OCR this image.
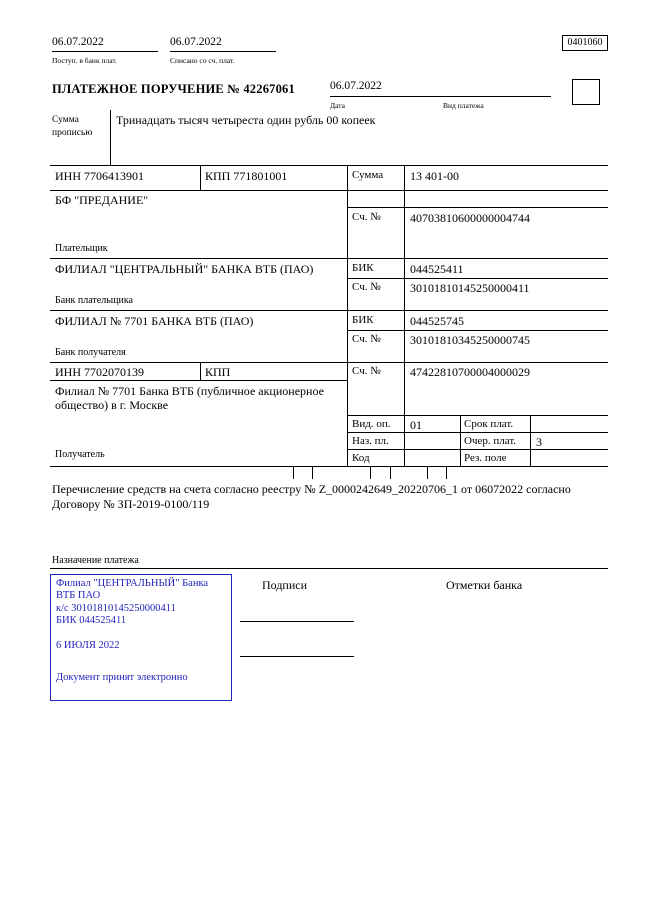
06.07.2022
Поступ. в банк плат.
06.07.2022
Списано со сч. плат.
0401060
ПЛАТЕЖНОЕ ПОРУЧЕНИЕ № 42267061	06.07.2022
Дата	Вид платежа
Сумма прописью
Тринадцать тысяч четыреста один рубль 00 копеек
ИНН 7706413901	КПП 771801001	Сумма 13 401-00
БФ "ПРЕДАНИЕ"
Сч. № 40703810600000004744
Плательщик
ФИЛИАЛ "ЦЕНТРАЛЬНЫЙ" БАНКА ВТБ (ПАО)	БИК	044525411
Сч. № 30101810145250000411
Банк плательщика
ФИЛИАЛ № 7701 БАНКА ВТБ (ПАО)	БИК	044525745
Сч. № 30101810345250000745
Банк получателя
ИНН 7702070139	КПП	Сч. № 47422810700004000029
Филиал № 7701 Банка ВТБ (публичное акционерное общество) в г. Москве
Получатель
Вид. оп. 01	Срок плат.
Наз. пл.	Очер. плат. 3
Код	Рез. поле
Перечисление средств на счета согласно реестру № Z_0000242649_20220706_1 от 06072022 согласно
Договору № ЗП-2019-0100/119
Назначение платежа
Подписи	Отметки банка
Филиал "ЦЕНТРАЛЬНЫЙ" Банка
ВТБ ПАО
к/с 30101810145250000411
БИК 044525411
6 ИЮЛЯ 2022
Документ принят электронно
